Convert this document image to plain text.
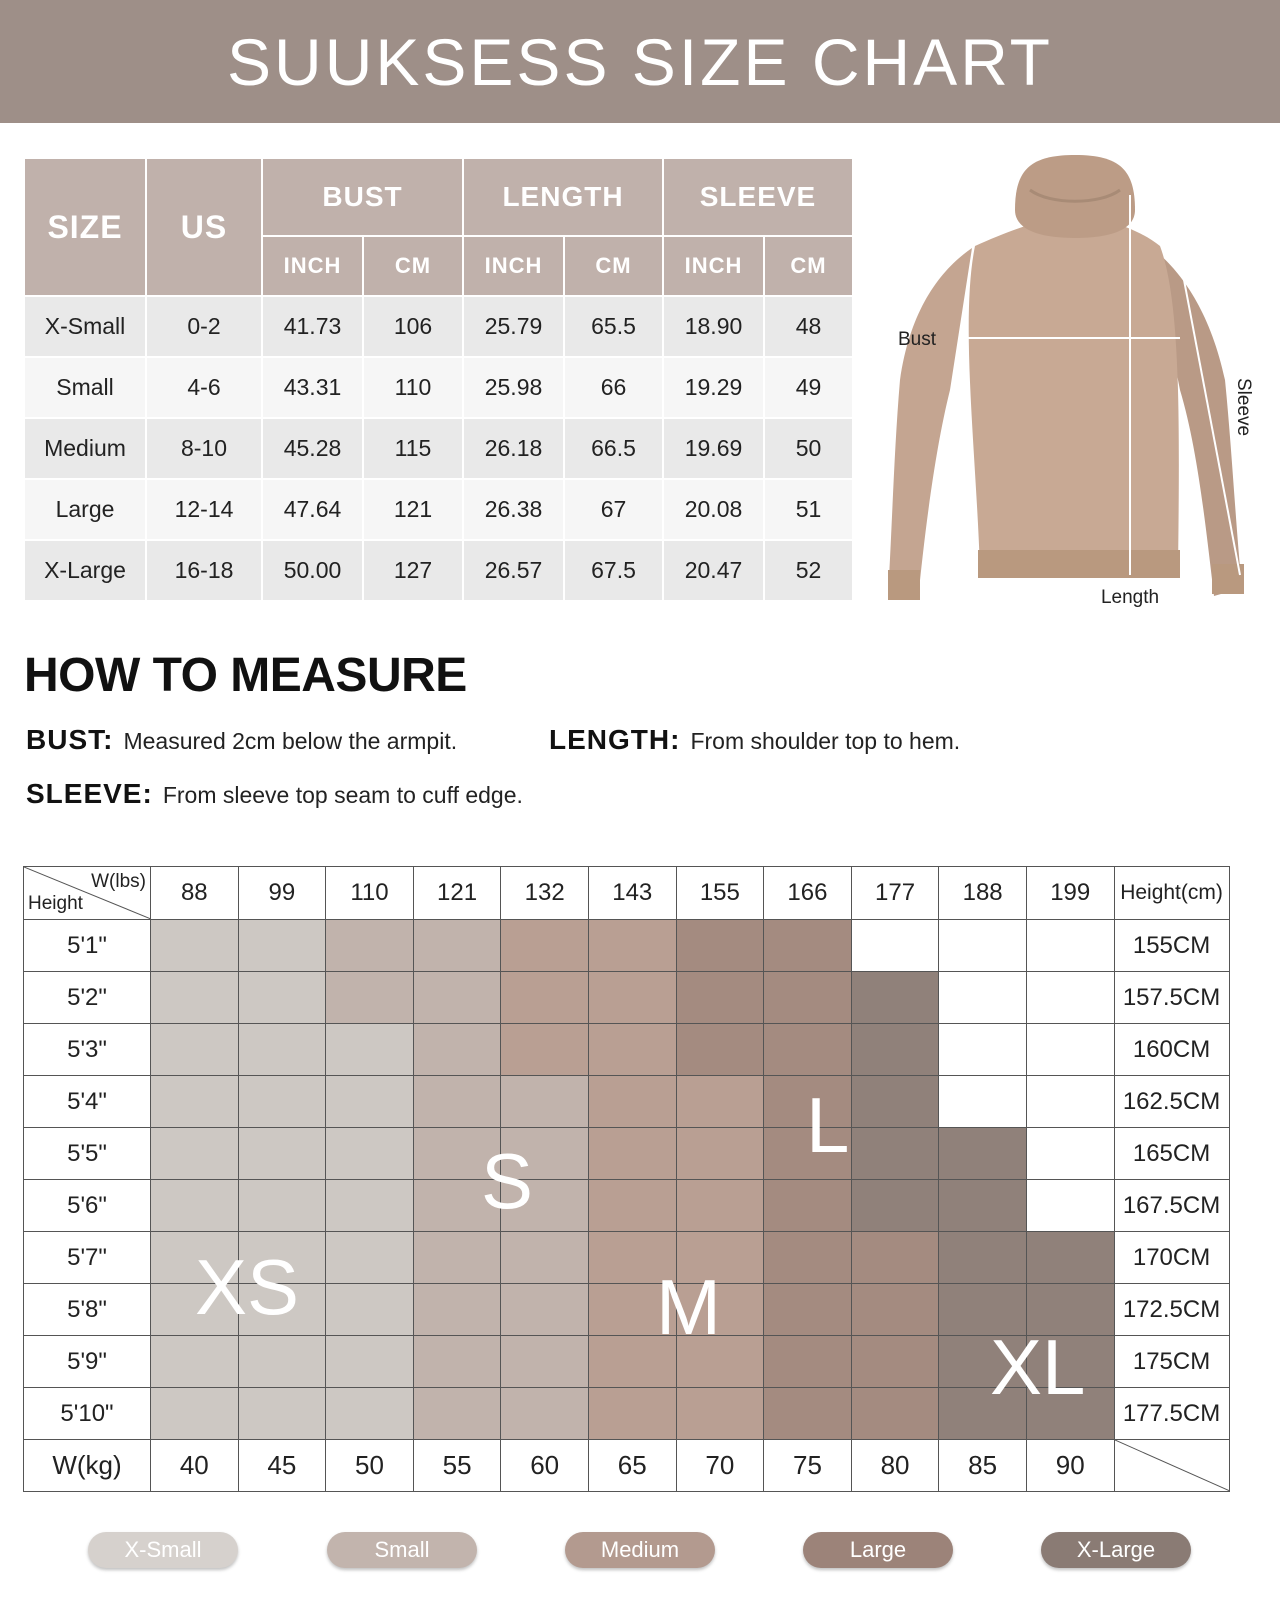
SUUKSESS SIZE CHART
SIZE	US	BUST		LENGTH		SLEEVE	
		INCH	CM	INCH	CM	INCH	CM
X-Small	0-2	41.73	106	25.79	65.5	18.90	48
Small	4-6	43.31	110	25.98	66	19.29	49
Medium	8-10	45.28	115	26.18	66.5	19.69	50
Large	12-14	47.64	121	26.38	67	20.08	51
X-Large	16-18	50.00	127	26.57	67.5	20.47	52
Bust
Length
Sleeve
HOW TO MEASURE
BUST: Measured 2cm below the armpit.	LENGTH: From shoulder top to hem.
SLEEVE: From sleeve top seam to cuff edge.
W(lbs)
Height	88	99	110	121	132	143	155	166	177	188	199	Height(cm)
5'1"												155CM
5'2"												157.5CM
5'3"												160CM
5'4"												162.5CM
5'5"												165CM
5'6"												167.5CM
5'7"												170CM
5'8"												172.5CM
5'9"												175CM
5'10"												177.5CM
W(kg)	40	45	50	55	60	65	70	75	80	85	90	
XS
S
M
L
XL
X-Small	Small	Medium	Large	X-Large
